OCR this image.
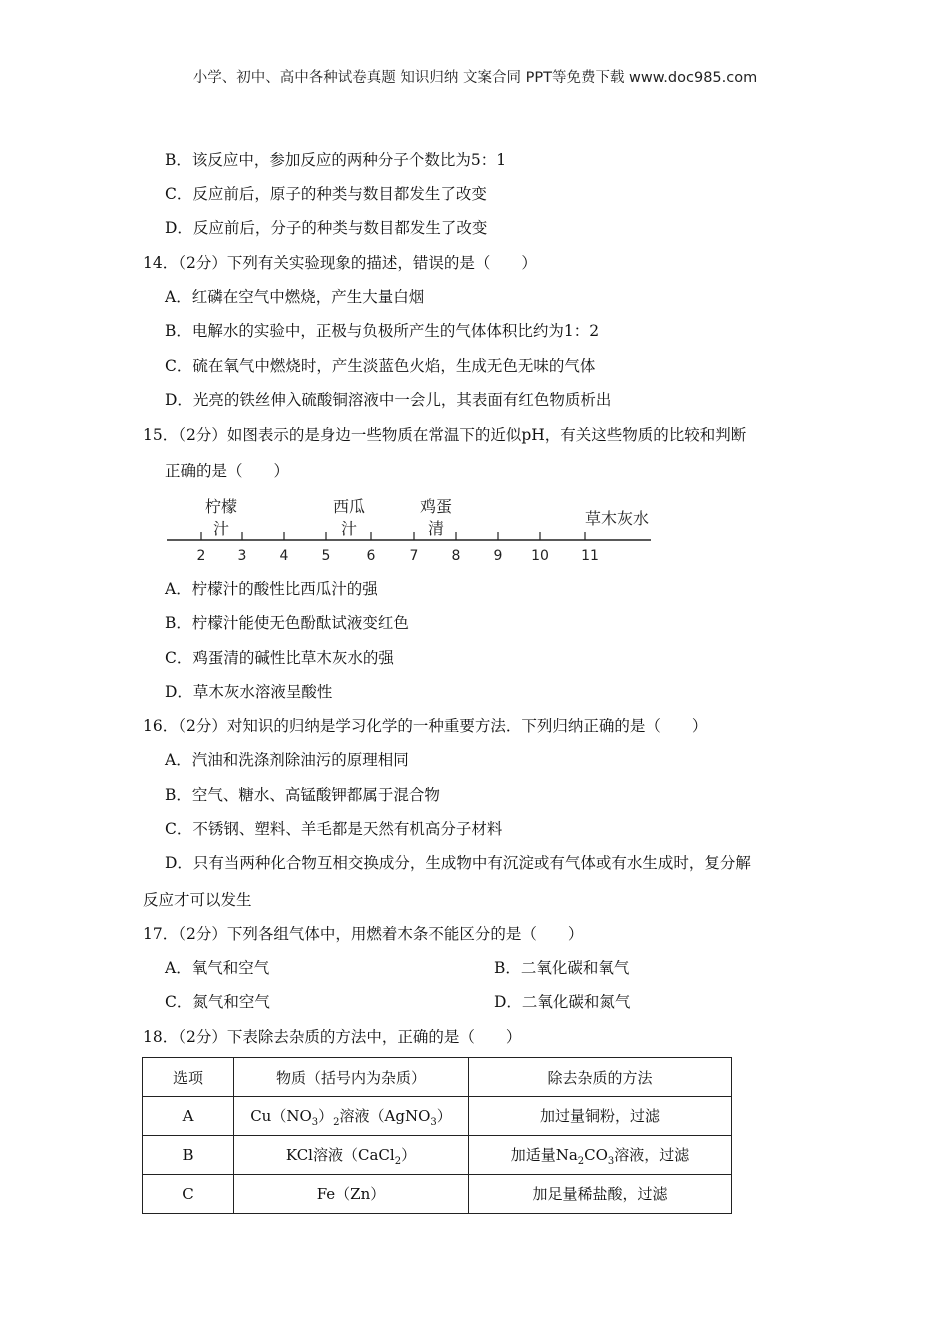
小学、初中、高中各种试卷真题 知识归纳 文案合同 PPT等免费下载 www.doc985.com
B．该反应中，参加反应的两种分子个数比为5：1
C．反应前后，原子的种类与数目都发生了改变
D．反应前后，分子的种类与数目都发生了改变
14．（2分）下列有关实验现象的描述，错误的是（　　）
A．红磷在空气中燃烧，产生大量白烟
B．电解水的实验中，正极与负极所产生的气体体积比约为1：2
C．硫在氧气中燃烧时，产生淡蓝色火焰，生成无色无味的气体
D．光亮的铁丝伸入硫酸铜溶液中一会儿，其表面有红色物质析出
15．（2分）如图表示的是身边一些物质在常温下的近似pH，有关这些物质的比较和判断
正确的是（　　）
2 3 4 5	6 7 8 9 10 11
柠檬
汁
西瓜
汁
鸡蛋
清
草木灰水
A．柠檬汁的酸性比西瓜汁的强
B．柠檬汁能使无色酚酞试液变红色
C．鸡蛋清的碱性比草木灰水的强
D．草木灰水溶液呈酸性
16．（2分）对知识的归纳是学习化学的一种重要方法．下列归纳正确的是（　　）
A．汽油和洗涤剂除油污的原理相同
B．空气、糖水、高锰酸钾都属于混合物
C．不锈钢、塑料、羊毛都是天然有机高分子材料
D．只有当两种化合物互相交换成分，生成物中有沉淀或有气体或有水生成时，复分解
反应才可以发生
17．（2分）下列各组气体中，用燃着木条不能区分的是（　　）
A．氧气和空气	B．二氧化碳和氧气
C．氮气和空气	D．二氧化碳和氮气
18．（2分）下表除去杂质的方法中，正确的是（　　）
选项	物质（括号内为杂质）	除去杂质的方法
A	$Cu(NO_3)_2$溶液（AgNO$_3$）	加过量铜粉，过滤
B	KCl溶液（CaCl$_2$）	加适量$Na_2CO_3$溶液，过滤
C	Fe（Zn）	加足量稀盐酸，过滤
